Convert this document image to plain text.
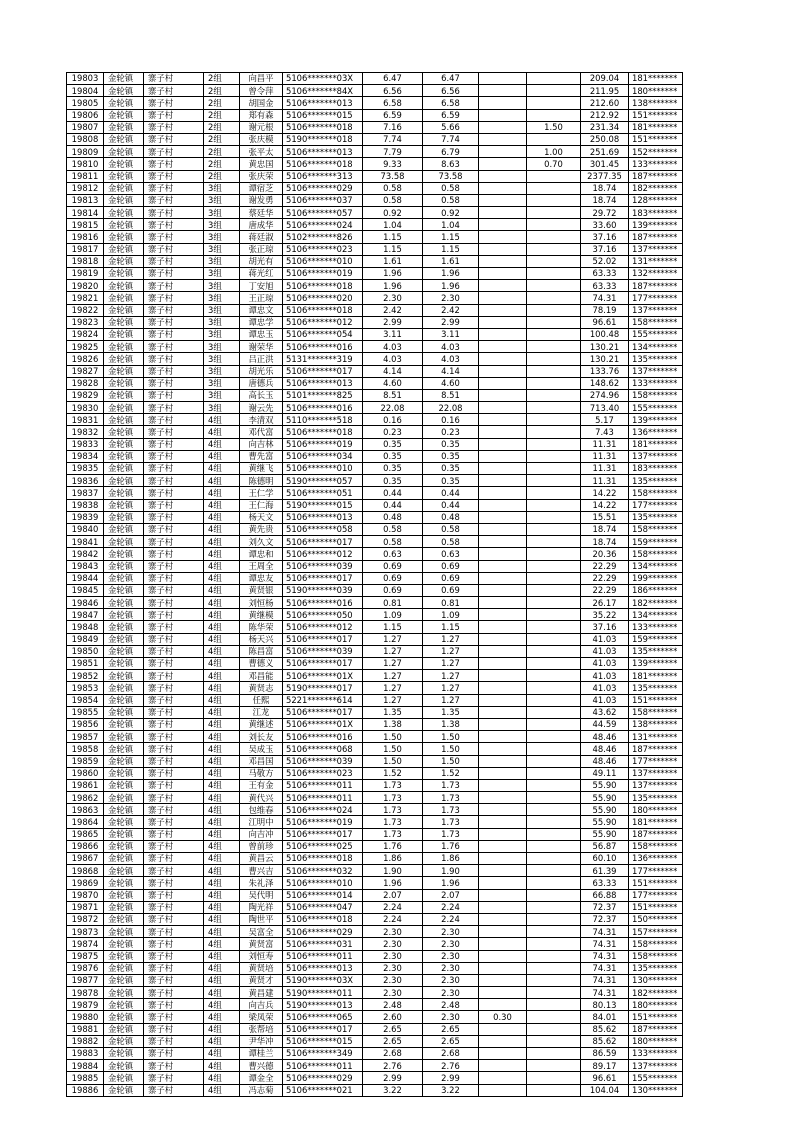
19803	金轮镇	寨子村	2组	向昌平	5106*******03X	6.47	6.47			209.04	181*******
19804	金轮镇	寨子村	2组	曾令萍	5106*******84X	6.56	6.56			211.95	180*******
19805	金轮镇	寨子村	2组	胡国金	5106*******013	6.58	6.58			212.60	138*******
19806	金轮镇	寨子村	2组	郑有森	5106*******015	6.59	6.59			212.92	151*******
19807	金轮镇	寨子村	2组	谢元根	5106*******018	7.16	5.66		1.50	231.34	181*******
19808	金轮镇	寨子村	2组	张庆模	5190*******018	7.74	7.74			250.08	151*******
19809	金轮镇	寨子村	2组	张平太	5106*******013	7.79	6.79		1.00	251.69	152*******
19810	金轮镇	寨子村	2组	黄忠国	5106*******018	9.33	8.63		0.70	301.45	133*******
19811	金轮镇	寨子村	2组	张庆荣	5106*******313	73.58	73.58			2377.35	187*******
19812	金轮镇	寨子村	3组	谭宿芝	5106*******029	0.58	0.58			18.74	182*******
19813	金轮镇	寨子村	3组	谢发勇	5106*******037	0.58	0.58			18.74	128*******
19814	金轮镇	寨子村	3组	蔡廷华	5106*******057	0.92	0.92			29.72	183*******
19815	金轮镇	寨子村	3组	唐成华	5106*******024	1.04	1.04			33.60	139*******
19816	金轮镇	寨子村	3组	蒋廷淑	5102*******826	1.15	1.15			37.16	187*******
19817	金轮镇	寨子村	3组	张正琼	5106*******023	1.15	1.15			37.16	137*******
19818	金轮镇	寨子村	3组	胡光有	5106*******010	1.61	1.61			52.02	131*******
19819	金轮镇	寨子村	3组	蒋光红	5106*******019	1.96	1.96			63.33	132*******
19820	金轮镇	寨子村	3组	丁安旭	5106*******018	1.96	1.96			63.33	187*******
19821	金轮镇	寨子村	3组	王正琼	5106*******020	2.30	2.30			74.31	177*******
19822	金轮镇	寨子村	3组	谭忠文	5106*******018	2.42	2.42			78.19	137*******
19823	金轮镇	寨子村	3组	谭忠学	5106*******012	2.99	2.99			96.61	158*******
19824	金轮镇	寨子村	3组	谭忠玉	5106*******054	3.11	3.11			100.48	155*******
19825	金轮镇	寨子村	3组	谢荣华	5106*******016	4.03	4.03			130.21	134*******
19826	金轮镇	寨子村	3组	吕正洪	5131*******319	4.03	4.03			130.21	135*******
19827	金轮镇	寨子村	3组	胡光乐	5106*******017	4.14	4.14			133.76	137*******
19828	金轮镇	寨子村	3组	唐德兵	5106*******013	4.60	4.60			148.62	133*******
19829	金轮镇	寨子村	3组	高长玉	5101*******825	8.51	8.51			274.96	158*******
19830	金轮镇	寨子村	3组	谢云先	5106*******016	22.08	22.08			713.40	155*******
19831	金轮镇	寨子村	4组	李清双	5110*******518	0.16	0.16			5.17	139*******
19832	金轮镇	寨子村	4组	邓代富	5106*******018	0.23	0.23			7.43	136*******
19833	金轮镇	寨子村	4组	向吉林	5106*******019	0.35	0.35			11.31	181*******
19834	金轮镇	寨子村	4组	曹先富	5106*******034	0.35	0.35			11.31	137*******
19835	金轮镇	寨子村	4组	黄继飞	5106*******010	0.35	0.35			11.31	183*******
19836	金轮镇	寨子村	4组	陈德明	5190*******057	0.35	0.35			11.31	135*******
19837	金轮镇	寨子村	4组	王仁学	5106*******051	0.44	0.44			14.22	158*******
19838	金轮镇	寨子村	4组	王仁海	5190*******015	0.44	0.44			14.22	177*******
19839	金轮镇	寨子村	4组	杨天文	5106*******013	0.48	0.48			15.51	135*******
19840	金轮镇	寨子村	4组	黄先贵	5106*******058	0.58	0.58			18.74	158*******
19841	金轮镇	寨子村	4组	刘久文	5106*******017	0.58	0.58			18.74	159*******
19842	金轮镇	寨子村	4组	谭忠和	5106*******012	0.63	0.63			20.36	158*******
19843	金轮镇	寨子村	4组	王周全	5106*******039	0.69	0.69			22.29	134*******
19844	金轮镇	寨子村	4组	谭忠友	5106*******017	0.69	0.69			22.29	199*******
19845	金轮镇	寨子村	4组	黄贤银	5190*******039	0.69	0.69			22.29	186*******
19846	金轮镇	寨子村	4组	刘恒杨	5106*******016	0.81	0.81			26.17	182*******
19847	金轮镇	寨子村	4组	黄继模	5106*******050	1.09	1.09			35.22	134*******
19848	金轮镇	寨子村	4组	陈华荣	5106*******012	1.15	1.15			37.16	133*******
19849	金轮镇	寨子村	4组	杨天兴	5106*******017	1.27	1.27			41.03	159*******
19850	金轮镇	寨子村	4组	陈昌富	5106*******039	1.27	1.27			41.03	135*******
19851	金轮镇	寨子村	4组	曹德义	5106*******017	1.27	1.27			41.03	139*******
19852	金轮镇	寨子村	4组	邓昌能	5106*******01X	1.27	1.27			41.03	181*******
19853	金轮镇	寨子村	4组	黄贤志	5190*******017	1.27	1.27			41.03	135*******
19854	金轮镇	寨子村	4组	任熙	5221*******614	1.27	1.27			41.03	151*******
19855	金轮镇	寨子村	4组	江龙	5106*******017	1.35	1.35			43.62	158*******
19856	金轮镇	寨子村	4组	黄继述	5106*******01X	1.38	1.38			44.59	138*******
19857	金轮镇	寨子村	4组	刘长友	5106*******016	1.50	1.50			48.46	131*******
19858	金轮镇	寨子村	4组	吴成玉	5106*******068	1.50	1.50			48.46	187*******
19859	金轮镇	寨子村	4组	邓昌国	5106*******039	1.50	1.50			48.46	177*******
19860	金轮镇	寨子村	4组	马敬方	5106*******023	1.52	1.52			49.11	137*******
19861	金轮镇	寨子村	4组	王有金	5106*******011	1.73	1.73			55.90	137*******
19862	金轮镇	寨子村	4组	黄代兴	5106*******011	1.73	1.73			55.90	135*******
19863	金轮镇	寨子村	4组	包维春	5106*******024	1.73	1.73			55.90	180*******
19864	金轮镇	寨子村	4组	江明中	5106*******019	1.73	1.73			55.90	181*******
19865	金轮镇	寨子村	4组	向吉冲	5106*******017	1.73	1.73			55.90	187*******
19866	金轮镇	寨子村	4组	曾前珍	5106*******025	1.76	1.76			56.87	158*******
19867	金轮镇	寨子村	4组	黄昌云	5106*******018	1.86	1.86			60.10	136*******
19868	金轮镇	寨子村	4组	曹兴吉	5106*******032	1.90	1.90			61.39	177*******
19869	金轮镇	寨子村	4组	朱礼泽	5106*******010	1.96	1.96			63.33	151*******
19870	金轮镇	寨子村	4组	吴代明	5106*******014	2.07	2.07			66.88	177*******
19871	金轮镇	寨子村	4组	陶光祥	5106*******047	2.24	2.24			72.37	151*******
19872	金轮镇	寨子村	4组	陶世平	5106*******018	2.24	2.24			72.37	150*******
19873	金轮镇	寨子村	4组	吴富全	5106*******029	2.30	2.30			74.31	157*******
19874	金轮镇	寨子村	4组	黄贤富	5106*******031	2.30	2.30			74.31	158*******
19875	金轮镇	寨子村	4组	刘恒寿	5106*******011	2.30	2.30			74.31	158*******
19876	金轮镇	寨子村	4组	黄贤培	5106*******013	2.30	2.30			74.31	135*******
19877	金轮镇	寨子村	4组	黄贤才	5190*******03X	2.30	2.30			74.31	130*******
19878	金轮镇	寨子村	4组	黄昌建	5190*******011	2.30	2.30			74.31	182*******
19879	金轮镇	寨子村	4组	向吉兵	5190*******013	2.48	2.48			80.13	180*******
19880	金轮镇	寨子村	4组	梁凤荣	5106*******065	2.60	2.30	0.30		84.01	151*******
19881	金轮镇	寨子村	4组	张帮培	5106*******017	2.65	2.65			85.62	187*******
19882	金轮镇	寨子村	4组	尹华冲	5106*******015	2.65	2.65			85.62	180*******
19883	金轮镇	寨子村	4组	谭桂兰	5106*******349	2.68	2.68			86.59	133*******
19884	金轮镇	寨子村	4组	曹兴德	5106*******011	2.76	2.76			89.17	137*******
19885	金轮镇	寨子村	4组	谭金全	5106*******029	2.99	2.99			96.61	155*******
19886	金轮镇	寨子村	4组	冯志菊	5106*******021	3.22	3.22			104.04	130*******
